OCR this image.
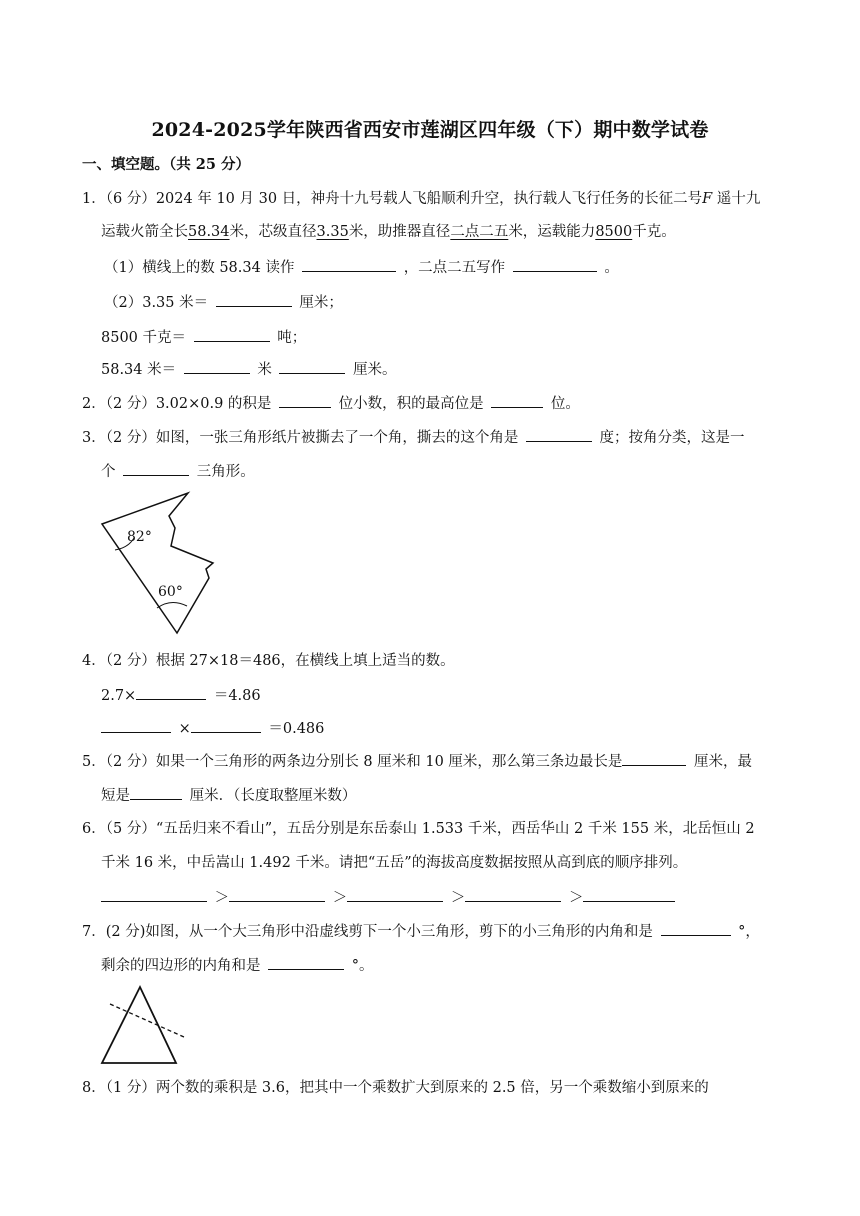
2024-2025学年陕西省西安市莲湖区四年级（下）期中数学试卷
一、填空题。（共 25 分）
1．（6 分）2024 年 10 月 30 日，神舟十九号载人飞船顺利升空，执行载人飞行任务的长征二号F 遥十九
运载火箭全长58.34米，芯级直径3.35米，助推器直径二点二五米，运载能力8500千克。
（1）横线上的数 58.34 读作	，二点二五写作	。
（2）3.35 米＝	厘米；
8500 千克＝	吨；
58.34 米＝	米	厘米。
2．（2 分）3.02×0.9 的积是	位小数，积的最高位是	位。
3．（2 分）如图，一张三角形纸片被撕去了一个角，撕去的这个角是	度；按角分类，这是一
个	三角形。
82°
60°
4．（2 分）根据 27×18＝486，在横线上填上适当的数。
2.7×	＝4.86
×	＝0.486
5．（2 分）如果一个三角形的两条边分别长 8 厘米和 10 厘米，那么第三条边最长是	厘米，最
短是	厘米．（长度取整厘米数）
6．（5 分）“五岳归来不看山”，五岳分别是东岳泰山 1.533 千米，西岳华山 2 千米 155 米，北岳恒山 2
千米 16 米，中岳嵩山 1.492 千米。请把“五岳”的海拔高度数据按照从高到底的顺序排列。
＞	＞	＞	＞
7．(2 分)如图，从一个大三角形中沿虚线剪下一个小三角形，剪下的小三角形的内角和是	°，
剩余的四边形的内角和是	°。
8．（1 分）两个数的乘积是 3.6，把其中一个乘数扩大到原来的 2.5 倍，另一个乘数缩小到原来的
